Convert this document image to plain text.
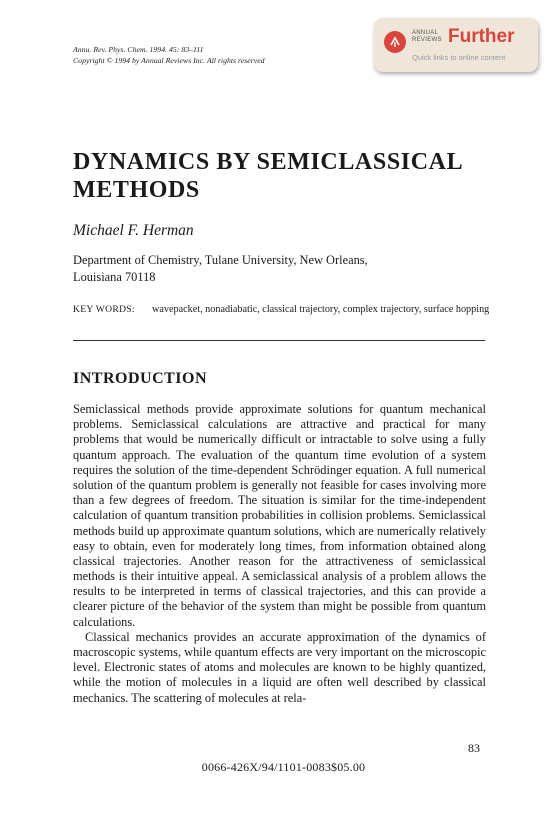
Annu. Rev. Phys. Chem. 1994. 45: 83–111
Copyright © 1994 by Annual Reviews Inc. All rights reserved
ANNUAL
REVIEWS Further
Quick links to online content
DYNAMICS BY SEMICLASSICAL METHODS
Michael F. Herman
Department of Chemistry, Tulane University, New Orleans,
Louisiana 70118
KEY WORDS:	wavepacket, nonadiabatic, classical trajectory, complex trajectory, surface hopping
INTRODUCTION

Semiclassical methods provide approximate solutions for quantum mechanical problems. Semiclassical calculations are attractive and practical for many problems that would be numerically difficult or intractable to solve using a fully quantum approach. The evaluation of the quantum time evolution of a system requires the solution of the time-dependent Schrödinger equation. A full numerical solution of the quantum problem is generally not feasible for cases involving more than a few degrees of freedom. The situation is similar for the time-independent calculation of quantum transition probabilities in collision problems. Semiclassical methods build up approximate quantum solutions, which are numerically relatively easy to obtain, even for moderately long times, from information obtained along classical trajectories. Another reason for the attractiveness of semiclassical methods is their intuitive appeal. A semiclassical analysis of a problem allows the results to be interpreted in terms of classical trajectories, and this can provide a clearer picture of the behavior of the system than might be possible from quantum calculations.

Classical mechanics provides an accurate approximation of the dynamics of macroscopic systems, while quantum effects are very important on the microscopic level. Electronic states of atoms and molecules are known to be highly quantized, while the motion of molecules in a liquid are often well described by classical mechanics. The scattering of molecules at rela-

83
0066-426X/94/1101-0083$05.00
